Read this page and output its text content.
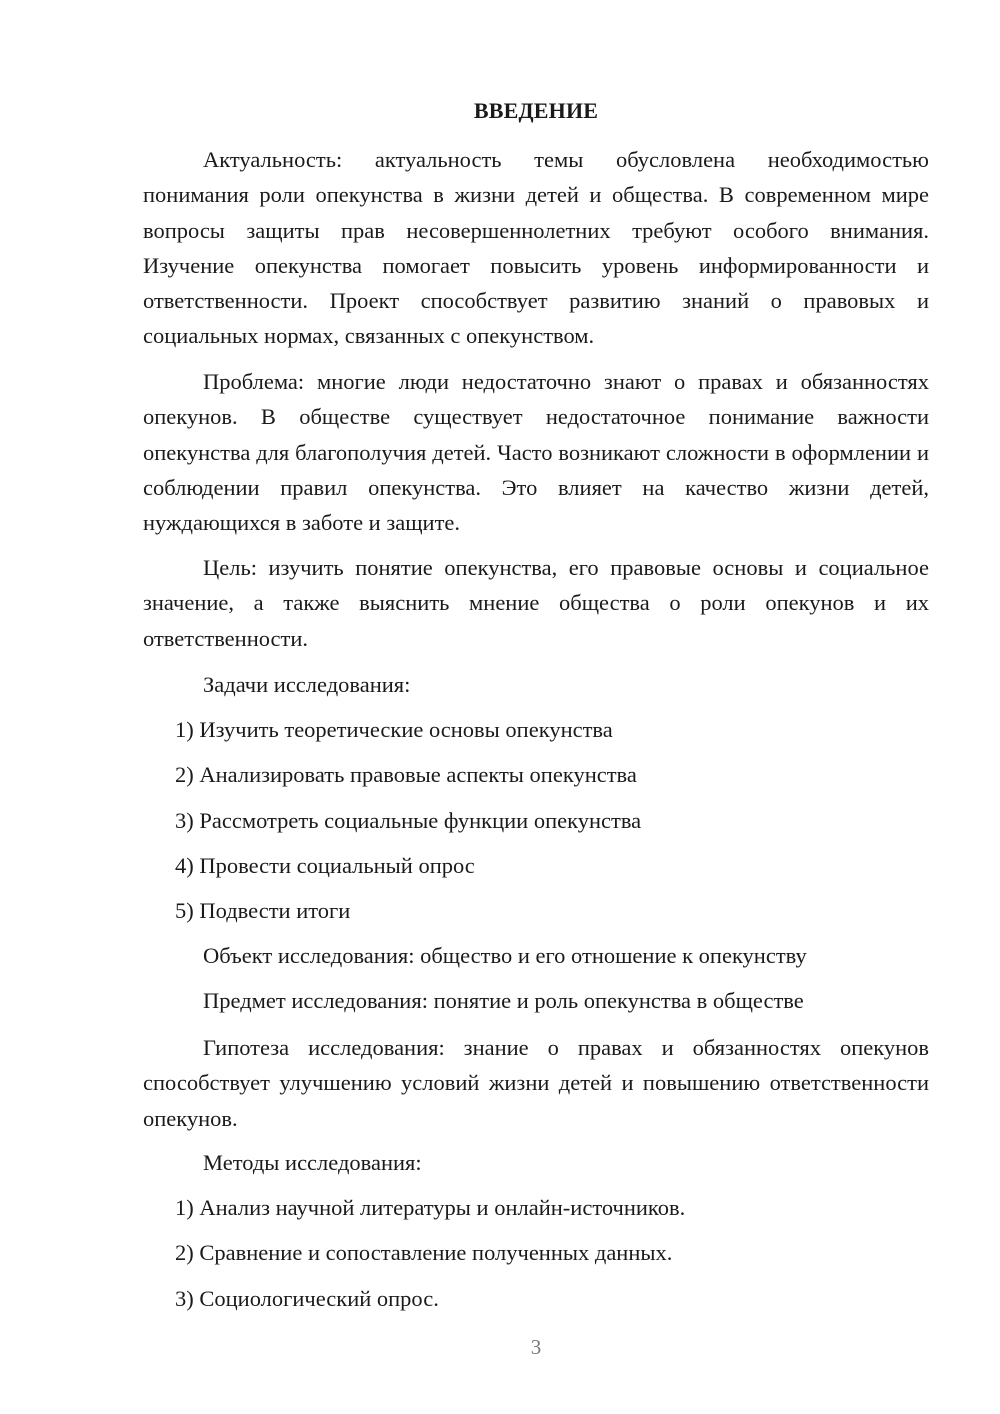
ВВЕДЕНИЕ

Актуальность: актуальность темы обусловлена необходимостью понимания роли опекунства в жизни детей и общества. В современном мире вопросы защиты прав несовершеннолетних требуют особого внимания. Изучение опекунства помогает повысить уровень информированности и ответственности. Проект способствует развитию знаний о правовых и социальных нормах, связанных с опекунством.

Проблема: многие люди недостаточно знают о правах и обязанностях опекунов. В обществе существует недостаточное понимание важности опекунства для благополучия детей. Часто возникают сложности в оформлении и соблюдении правил опекунства. Это влияет на качество жизни детей, нуждающихся в заботе и защите.

Цель: изучить понятие опекунства, его правовые основы и социальное значение, а также выяснить мнение общества о роли опекунов и их ответственности.

Задачи исследования:
1) Изучить теоретические основы опекунства
2) Анализировать правовые аспекты опекунства
3) Рассмотреть социальные функции опекунства
4) Провести социальный опрос
5) Подвести итоги
Объект исследования: общество и его отношение к опекунству
Предмет исследования: понятие и роль опекунства в обществе

Гипотеза исследования: знание о правах и обязанностях опекунов способствует улучшению условий жизни детей и повышению ответственности опекунов.

Методы исследования:
1) Анализ научной литературы и онлайн-источников.
2) Сравнение и сопоставление полученных данных.
3) Социологический опрос.
3
